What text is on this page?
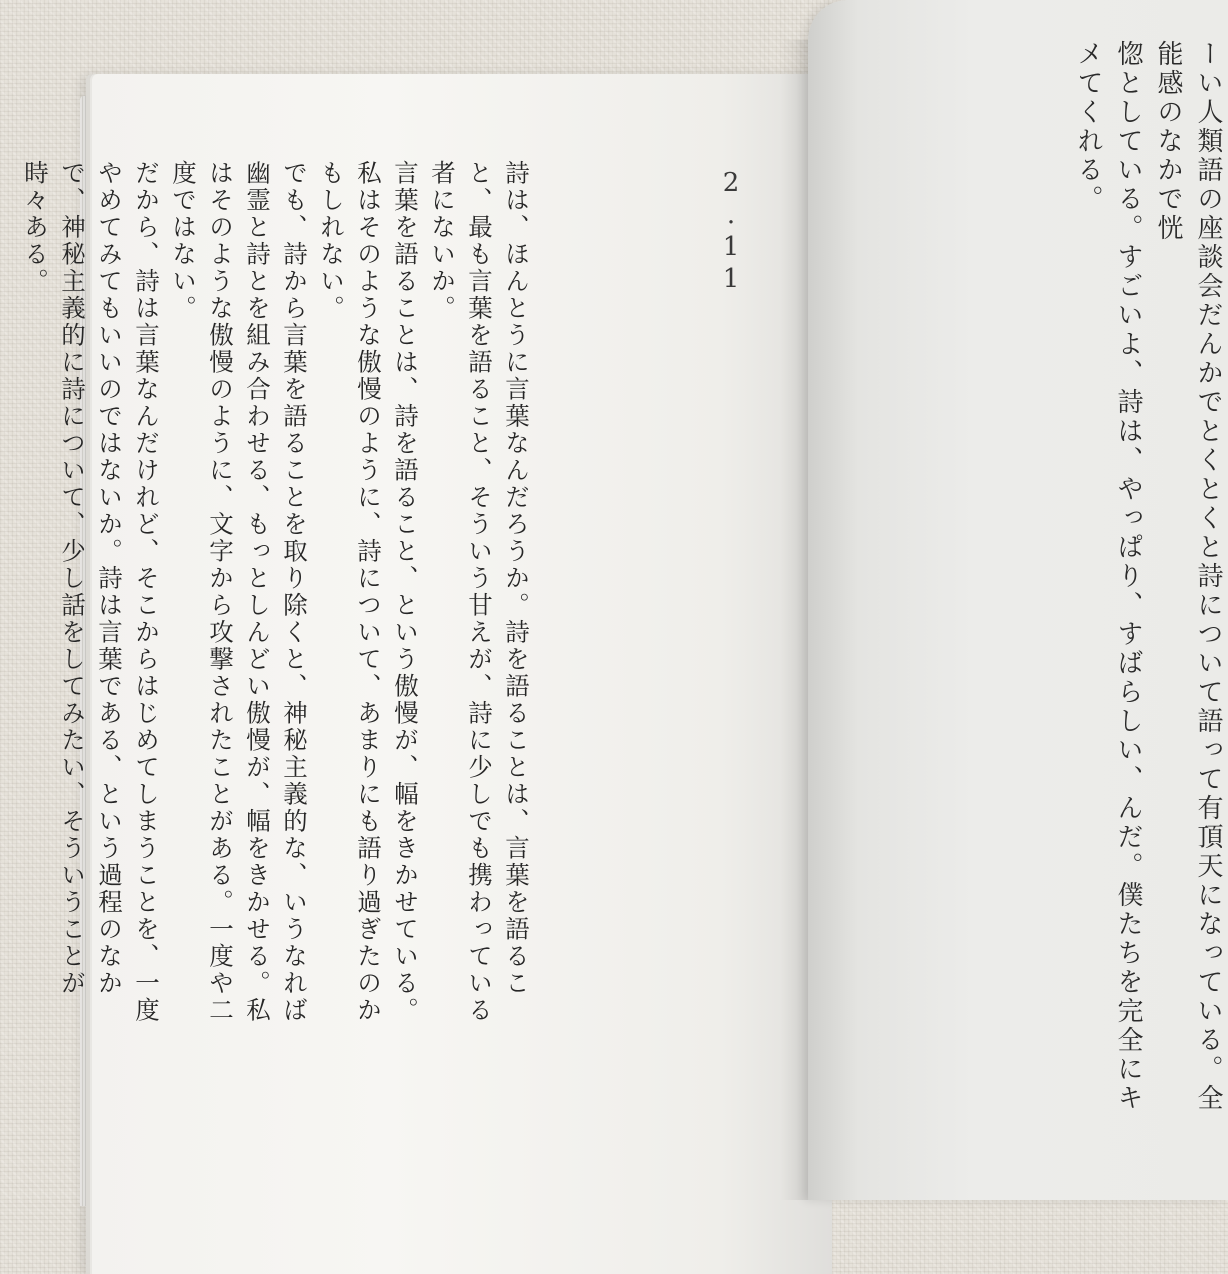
2.11

詩は、ほんとうに言葉なんだろうか。詩を語ることは、言葉を語ること、最も言葉を語ること、そういう甘えが、詩に少しでも携わっている者にないか。

言葉を語ることは、詩を語ること、という傲慢が、幅をきかせている。私はそのような傲慢のように、詩について、あまりにも語り過ぎたのかもしれない。

でも、詩から言葉を語ることを取り除くと、神秘主義的な、いうなれば幽霊と詩とを組み合わせる、もっとしんどい傲慢が、幅をきかせる。私はそのような傲慢のように、文字から攻撃されたことがある。一度や二度ではない。

だから、詩は言葉なんだけれど、そこからはじめてしまうことを、一度やめてみてもいいのではないか。詩は言葉である、という過程のなかで、神秘主義的に詩について、少し話をしてみたい、そういうことが時々ある。	ーい人類語の座談会だんかでとくとくと詩について語って有頂天になっている。全能感のなかで恍

惚としている。すごいよ、詩は、やっぱり、すばらしい、んだ。僕たちを完全にキメてくれる。
